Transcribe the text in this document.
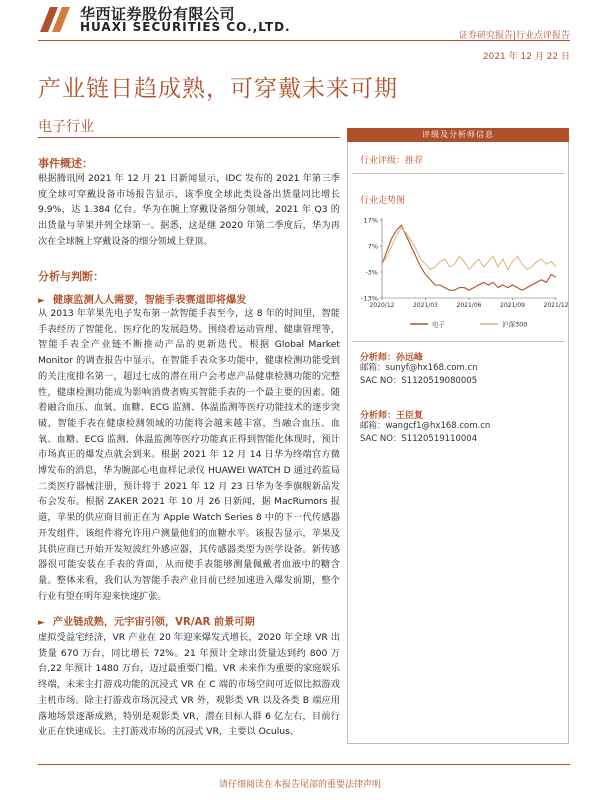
华西证券股份有限公司
HUAXI SECURITIES CO.,LTD.
证券研究报告|行业点评报告
2021 年 12 月 22 日
产业链日趋成熟，可穿戴未来可期
电子行业
事件概述：
根据腾讯网 2021 年 12 月 21 日新闻显示，IDC 发布的 2021 年第三季度全球可穿戴设备市场报告显示，该季度全球此类设备出货量同比增长 9.9%，达 1.384 亿台。华为在腕上穿戴设备细分领域，2021 年 Q3 的出货量与苹果并列全球第一。据悉，这是继 2020 年第二季度后，华为再次在全球腕上穿戴设备的细分领域上登顶。
分析与判断：
► 健康监测人人需要，智能手表赛道即将爆发
从 2013 年苹果先电子发布第一款智能手表至今，这 8 年的时间里，智能手表经历了智能化、医疗化的发展趋势。围绕着运动管理、健康管理等，智能手表全产业链不断推动产品的更新迭代。根据 Global Market Monitor 的调查报告中显示，在智能手表众多功能中，健康检测功能受到的关注度排名第一，超过七成的潜在用户会考虑产品健康检测功能的完整性，健康检测功能成为影响消费者购买智能手表的一个最主要的因素。随着融合血压、血氧、血糖、ECG 监测、体温监测等医疗功能技术的逐步突破，智能手表在健康检测领域的功能将会越来越丰富，当融合血压、血氧、血糖、ECG 监测、体温监测等医疗功能真正得到智能化体现时，预计市场真正的爆发点就会到来。根据 2021 年 12 月 14 日华为终端官方微博发布的消息，华为腕部心电血样记录仪 HUAWEI WATCH D 通过药监局二类医疗器械注册，预计将于 2021 年 12 月 23 日华为冬季旗舰新品发布会发布。根据 ZAKER 2021 年 10 月 26 日新闻，据 MacRumors 报道，苹果的供应商目前正在为 Apple Watch Series 8 中的下一代传感器开发组件，该组件将允许用户测量他们的血糖水平。该报告显示，苹果及其供应商已开始开发短波红外感应器，其传感器类型为医学设备。新传感器很可能安装在手表的背面，从而使手表能够测量佩戴者血液中的糖含量。整体来看，我们认为智能手表产业目前已经加速进入爆发前期，整个行业有望在明年迎来快速扩张。
► 产业链成熟，元宇宙引领，VR/AR 前景可期
虚拟受益宅经济，VR 产业在 20 年迎来爆发式增长，2020 年全球 VR 出货量 670 万台，同比增长 72%。21 年预计全球出货量达到约 800 万台,22 年预计 1480 万台，迈过最重要门槛。VR 未来作为重要的家庭娱乐终端，未来主打游戏功能的沉浸式 VR 在 C 端的市场空间可近似比拟游戏主机市场。除主打游戏市场沉浸式 VR 外，观影类 VR 以及各类 B 端应用落地场景逐渐成熟，特别是观影类 VR，潜在目标人群 6 亿左右，目前行业正在快速成长。主打游戏市场的沉浸式 VR，主要以 Oculus、
评级及分析师信息
行业评级：推荐
行业走势图
17%
7%
-3%
-13%
2020/12	2021/03	2021/06	2021/09	2021/12
电子	沪深300
分析师：孙远峰
邮箱：sunyf@hx168.com.cn
SAC NO：S1120519080005
分析师：王臣复
邮箱：wangcf1@hx168.com.cn
SAC NO：S1120519110004
请仔细阅读在本报告尾部的重要法律声明
